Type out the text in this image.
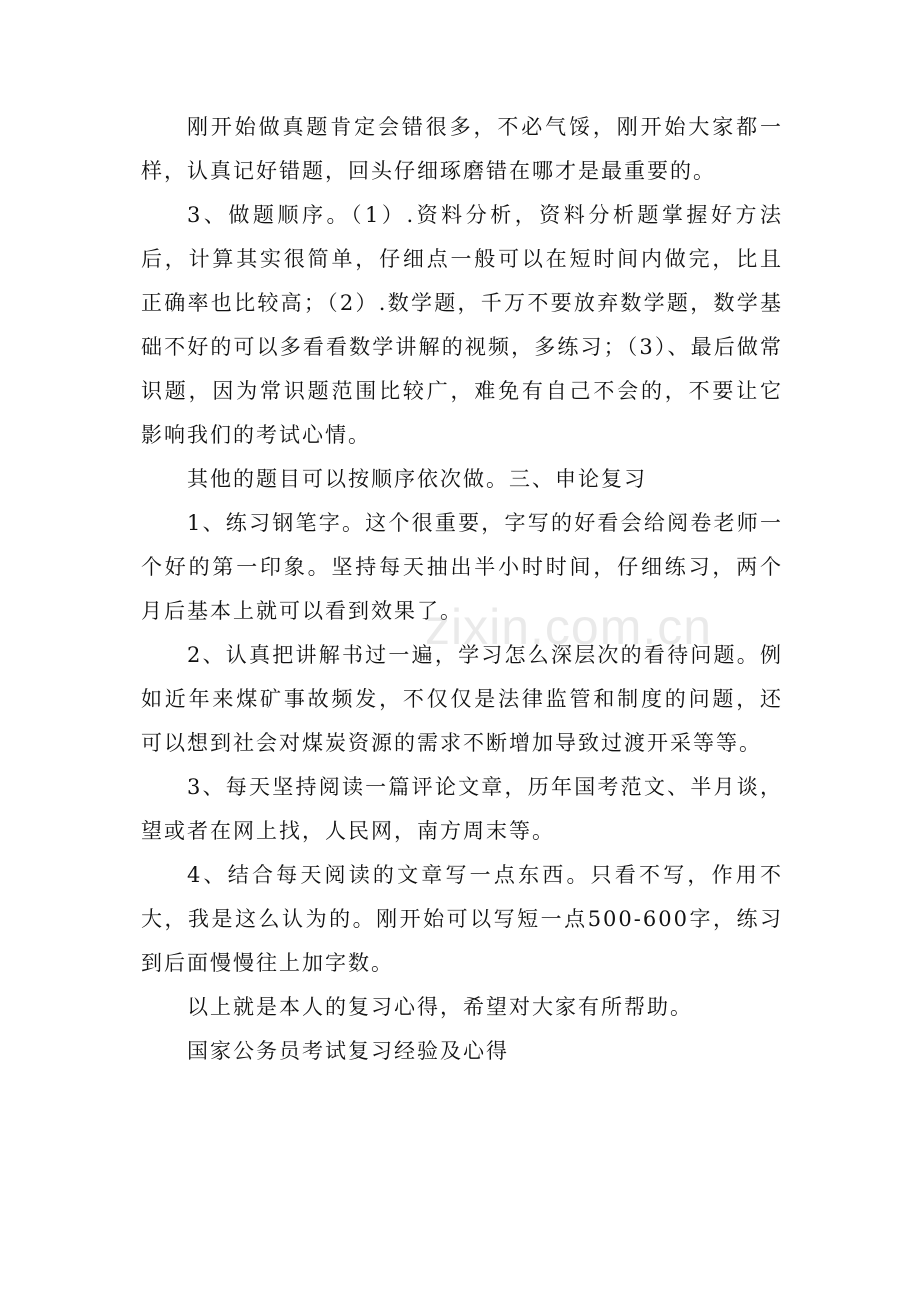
刚开始做真题肯定会错很多，不必气馁，刚开始大家都一样，认真记好错题，回头仔细琢磨错在哪才是最重要的。

3、做题顺序。（1）.资料分析，资料分析题掌握好方法后，计算其实很简单，仔细点一般可以在短时间内做完，比且正确率也比较高；（2）.数学题，千万不要放弃数学题，数学基础不好的可以多看看数学讲解的视频，多练习；（3）、最后做常识题，因为常识题范围比较广，难免有自己不会的，不要让它影响我们的考试心情。

其他的题目可以按顺序依次做。三、申论复习

1、练习钢笔字。这个很重要，字写的好看会给阅卷老师一个好的第一印象。坚持每天抽出半小时时间，仔细练习，两个月后基本上就可以看到效果了。

2、认真把讲解书过一遍，学习怎么深层次的看待问题。例如近年来煤矿事故频发，不仅仅是法律监管和制度的问题，还可以想到社会对煤炭资源的需求不断增加导致过渡开采等等。

3、每天坚持阅读一篇评论文章，历年国考范文、半月谈，望或者在网上找，人民网，南方周末等。

4、结合每天阅读的文章写一点东西。只看不写，作用不大，我是这么认为的。刚开始可以写短一点500-600字，练习到后面慢慢往上加字数。

以上就是本人的复习心得，希望对大家有所帮助。

国家公务员考试复习经验及心得

zixin.com.cn
